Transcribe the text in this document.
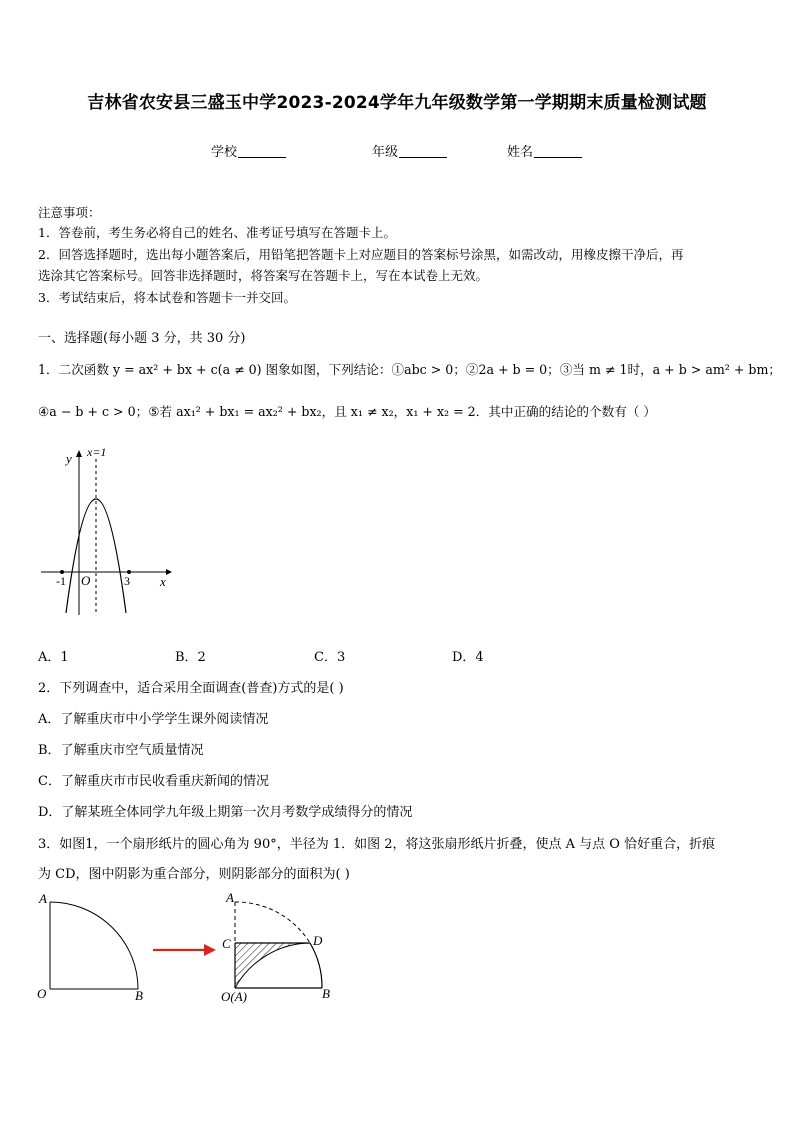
吉林省农安县三盛玉中学2023-2024学年九年级数学第一学期期末质量检测试题
学校	年级	姓名
注意事项：
1．答卷前，考生务必将自己的姓名、准考证号填写在答题卡上。
2．回答选择题时，选出每小题答案后，用铅笔把答题卡上对应题目的答案标号涂黑，如需改动，用橡皮擦干净后，再
选涂其它答案标号。回答非选择题时，将答案写在答题卡上，写在本试卷上无效。
3．考试结束后，将本试卷和答题卡一并交回。
一、选择题(每小题 3 分，共 30 分)
1．二次函数 y = ax² + bx + c(a ≠ 0) 图象如图，下列结论：①abc > 0；②2a + b = 0；③当 m ≠ 1时，a + b > am² + bm；
④a − b + c > 0；⑤若 ax₁² + bx₁ = ax₂² + bx₂，且 x₁ ≠ x₂，x₁ + x₂ = 2．其中正确的结论的个数有（ ）
y x=1
x
O
-1	3
A．1	B．2	C．3	D．4
2．下列调查中，适合采用全面调查(普查)方式的是( )
A．了解重庆市中小学学生课外阅读情况
B．了解重庆市空气质量情况
C．了解重庆市市民收看重庆新闻的情况
D．了解某班全体同学九年级上期第一次月考数学成绩得分的情况
3．如图1，一个扇形纸片的圆心角为 90°，半径为 1．如图 2，将这张扇形纸片折叠，使点 A 与点 O 恰好重合，折痕
为 CD，图中阴影为重合部分，则阴影部分的面积为( )
A
O	B
A
C	D
O(A)	B
